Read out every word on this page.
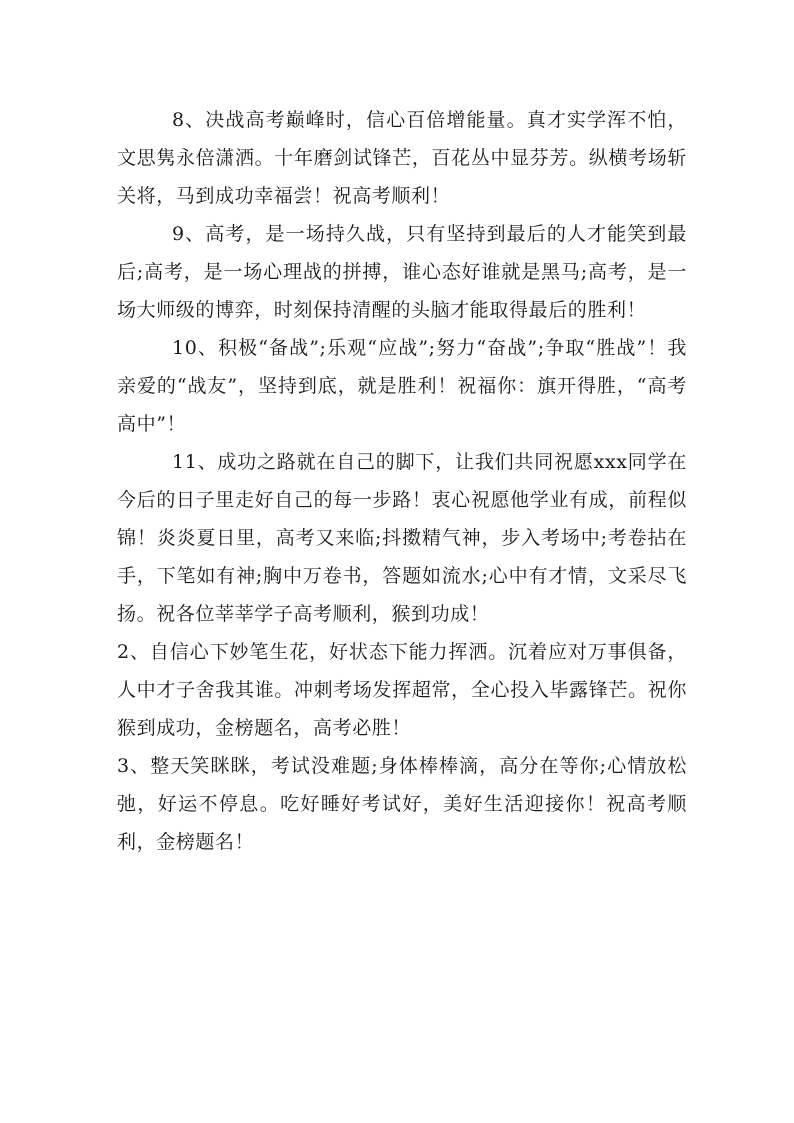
8、决战高考巅峰时，信心百倍增能量。真才实学浑不怕，文思隽永倍潇洒。十年磨剑试锋芒，百花丛中显芬芳。纵横考场斩关将，马到成功幸福尝！祝高考顺利！

9、高考，是一场持久战，只有坚持到最后的人才能笑到最后;高考，是一场心理战的拼搏，谁心态好谁就是黑马;高考，是一场大师级的博弈，时刻保持清醒的头脑才能取得最后的胜利！

10、积极“备战”;乐观“应战”;努力“奋战”;争取“胜战”！我亲爱的“战友”，坚持到底，就是胜利！祝福你：旗开得胜，“高考高中”！

11、成功之路就在自己的脚下，让我们共同祝愿xxx同学在今后的日子里走好自己的每一步路！衷心祝愿他学业有成，前程似锦！炎炎夏日里，高考又来临;抖擞精气神，步入考场中;考卷拈在手，下笔如有神;胸中万卷书，答题如流水;心中有才情，文采尽飞扬。祝各位莘莘学子高考顺利，猴到功成！

2、自信心下妙笔生花，好状态下能力挥洒。沉着应对万事俱备，人中才子舍我其谁。冲刺考场发挥超常，全心投入毕露锋芒。祝你猴到成功，金榜题名，高考必胜！

3、整天笑眯眯，考试没难题;身体棒棒滴，高分在等你;心情放松弛，好运不停息。吃好睡好考试好，美好生活迎接你！祝高考顺利，金榜题名！
